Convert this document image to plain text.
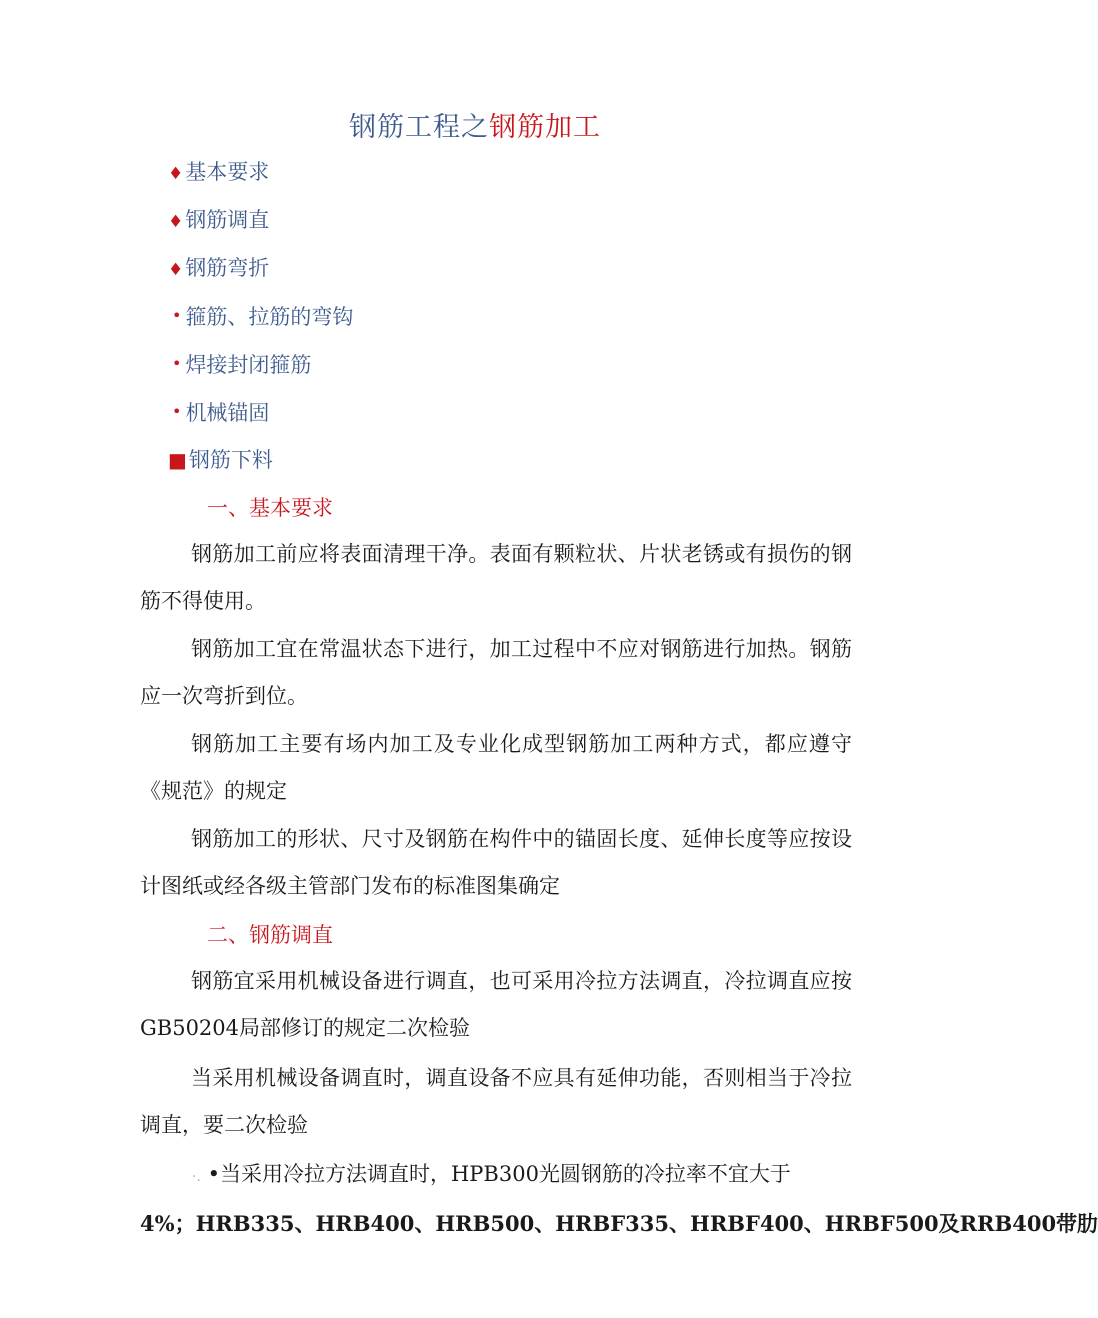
钢筋工程之钢筋加工
♦基本要求
♦钢筋调直
♦钢筋弯折
• 箍筋、拉筋的弯钩
• 焊接封闭箍筋
• 机械锚固
■钢筋下料
一、基本要求
钢筋加工前应将表面清理干净。表面有颗粒状、片状老锈或有损伤的钢筋不得使用。
钢筋加工宜在常温状态下进行，加工过程中不应对钢筋进行加热。钢筋应一次弯折到位。
钢筋加工主要有场内加工及专业化成型钢筋加工两种方式，都应遵守《规范》的规定
钢筋加工的形状、尺寸及钢筋在构件中的锚固长度、延伸长度等应按设计图纸或经各级主管部门发布的标准图集确定
二、钢筋调直
钢筋宜采用机械设备进行调直，也可采用冷拉方法调直，冷拉调直应按GB50204局部修订的规定二次检验
当采用机械设备调直时，调直设备不应具有延伸功能，否则相当于冷拉调直，要二次检验
·. •当采用冷拉方法调直时，HPB300光圆钢筋的冷拉率不宜大于
4%；HRB335、HRB400、HRB500、HRBF335、HRBF400、HRBF500及RRB400带肋
